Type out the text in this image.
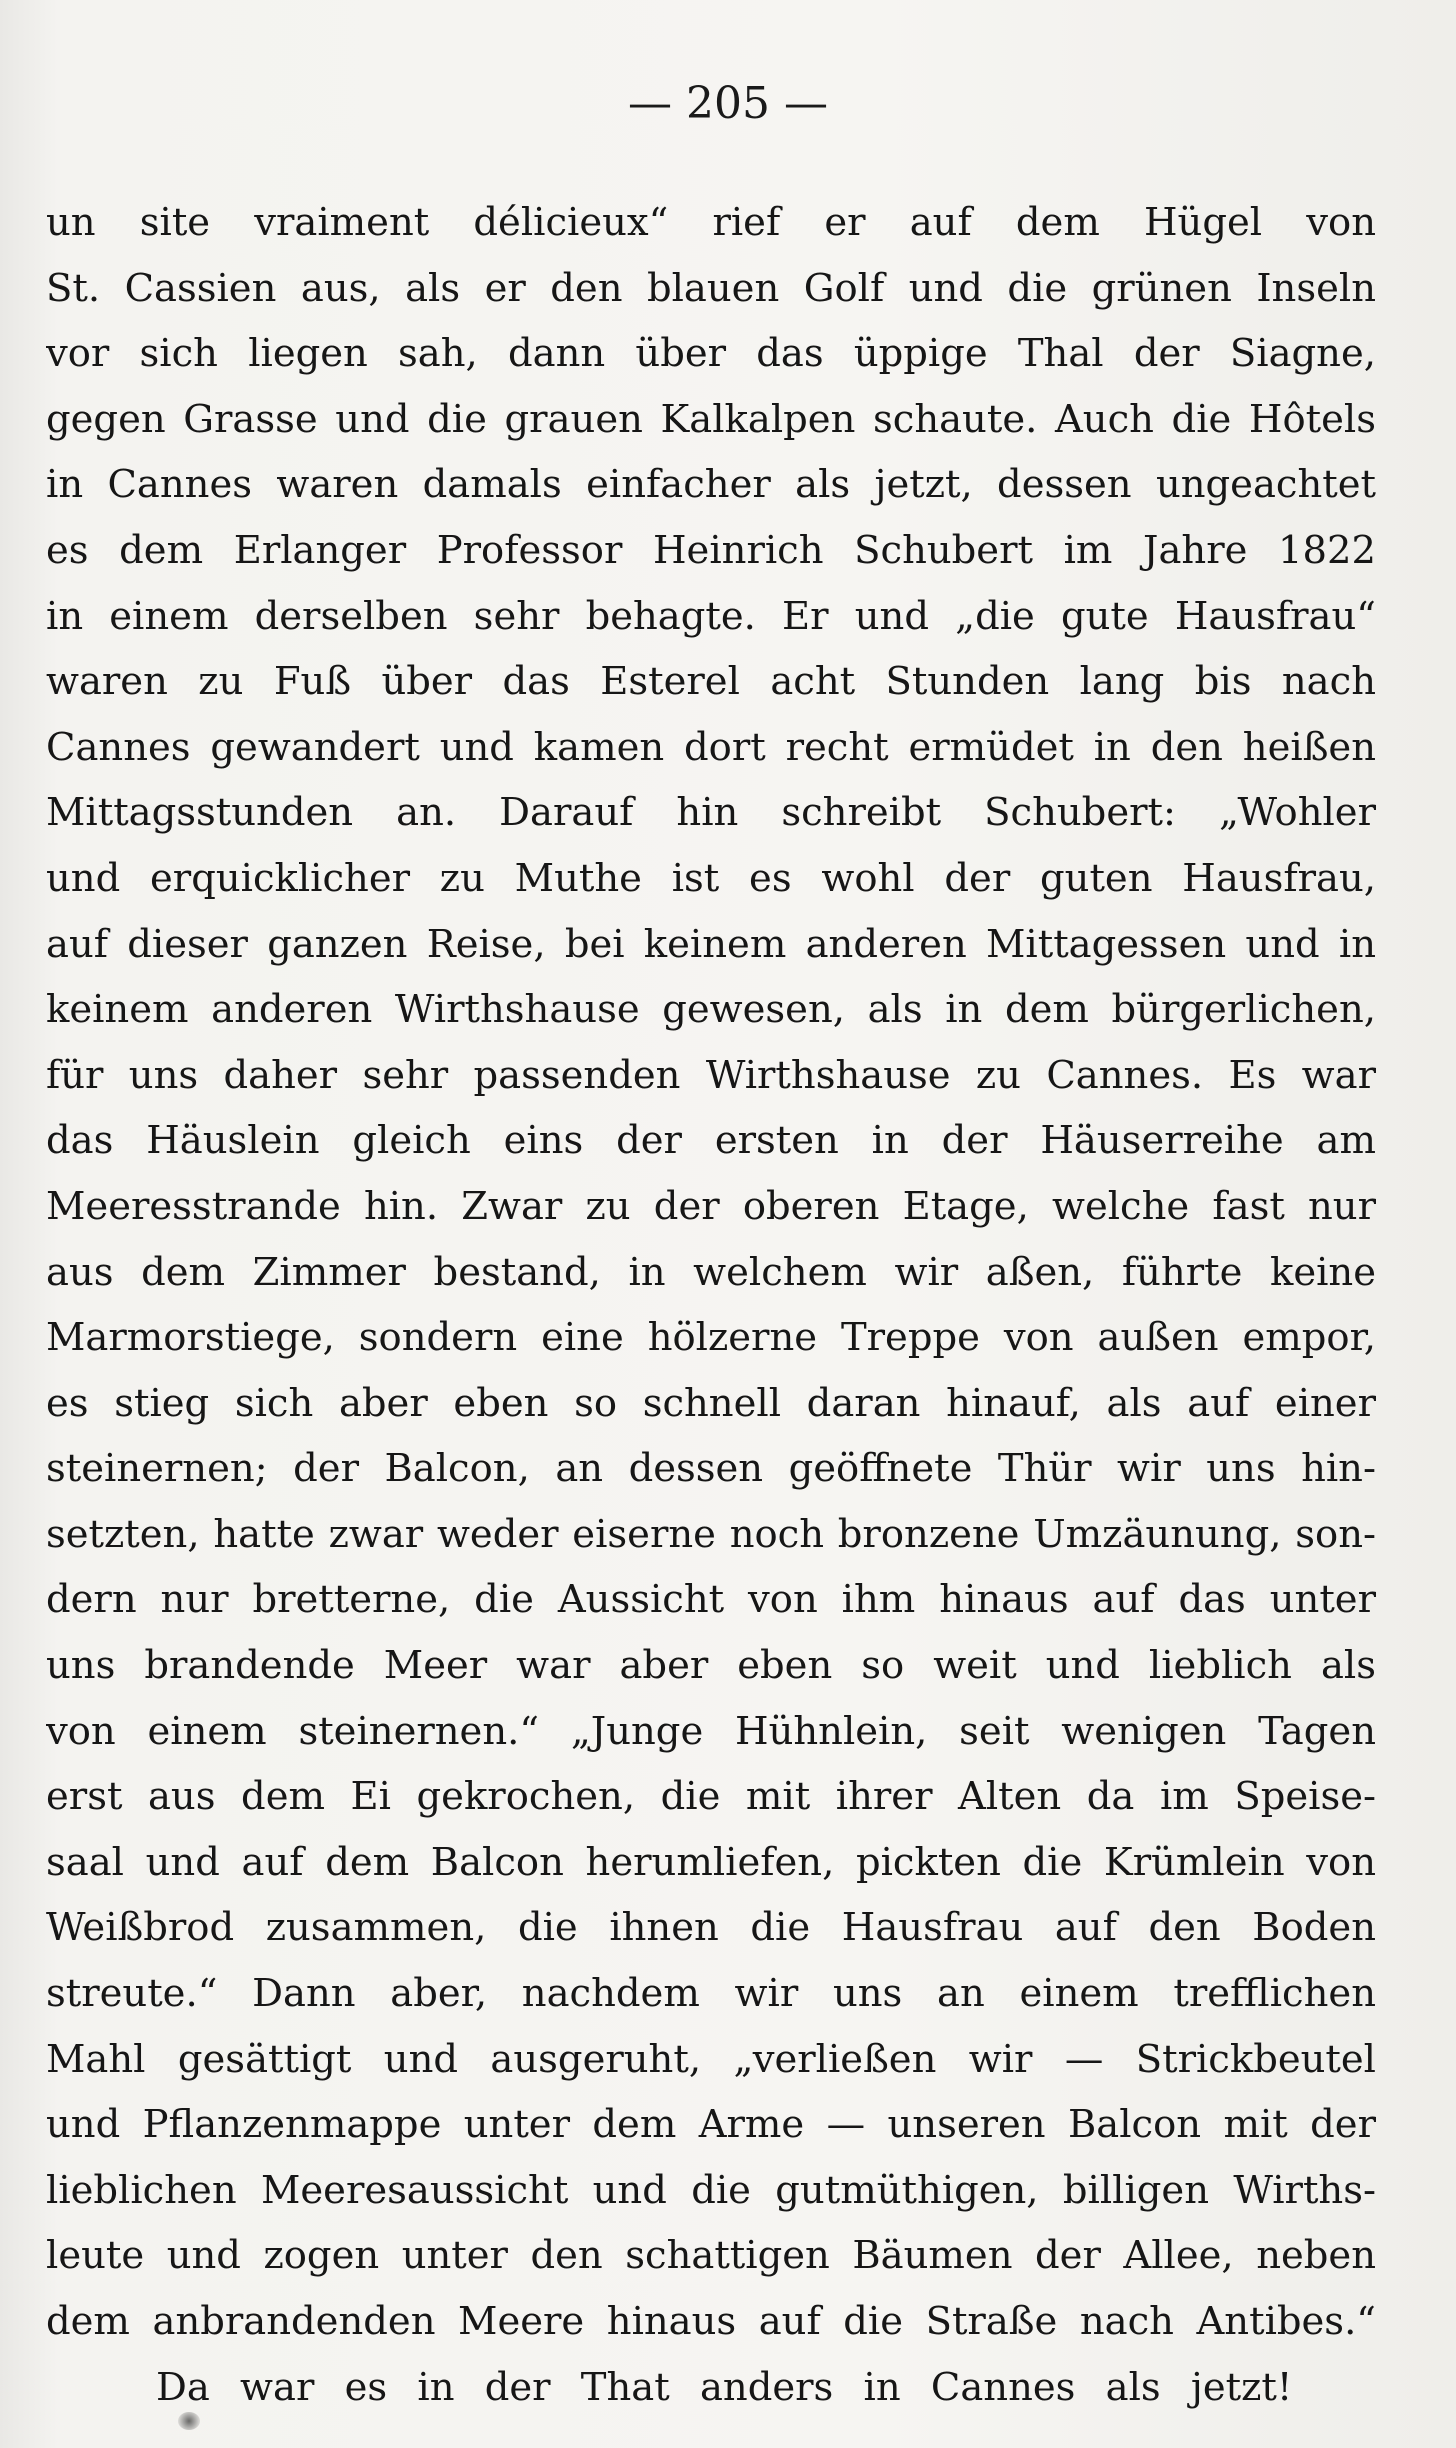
— 205 —
un site vraiment délicieux“ rief er auf dem Hügel von
St. Cassien aus, als er den blauen Golf und die grünen Inseln
vor sich liegen sah, dann über das üppige Thal der Siagne,
gegen Grasse und die grauen Kalkalpen schaute. Auch die Hôtels
in Cannes waren damals einfacher als jetzt, dessen ungeachtet
es dem Erlanger Professor Heinrich Schubert im Jahre 1822
in einem derselben sehr behagte. Er und „die gute Hausfrau“
waren zu Fuß über das Esterel acht Stunden lang bis nach
Cannes gewandert und kamen dort recht ermüdet in den heißen
Mittagsstunden an. Darauf hin schreibt Schubert: „Wohler
und erquicklicher zu Muthe ist es wohl der guten Hausfrau,
auf dieser ganzen Reise, bei keinem anderen Mittagessen und in
keinem anderen Wirthshause gewesen, als in dem bürgerlichen,
für uns daher sehr passenden Wirthshause zu Cannes. Es war
das Häuslein gleich eins der ersten in der Häuserreihe am
Meeresstrande hin. Zwar zu der oberen Etage, welche fast nur
aus dem Zimmer bestand, in welchem wir aßen, führte keine
Marmorstiege, sondern eine hölzerne Treppe von außen empor,
es stieg sich aber eben so schnell daran hinauf, als auf einer
steinernen; der Balcon, an dessen geöffnete Thür wir uns hin-
setzten, hatte zwar weder eiserne noch bronzene Umzäunung, son-
dern nur bretterne, die Aussicht von ihm hinaus auf das unter
uns brandende Meer war aber eben so weit und lieblich als
von einem steinernen.“ „Junge Hühnlein, seit wenigen Tagen
erst aus dem Ei gekrochen, die mit ihrer Alten da im Speise-
saal und auf dem Balcon herumliefen, pickten die Krümlein von
Weißbrod zusammen, die ihnen die Hausfrau auf den Boden
streute.“ Dann aber, nachdem wir uns an einem trefflichen
Mahl gesättigt und ausgeruht, „verließen wir — Strickbeutel
und Pflanzenmappe unter dem Arme — unseren Balcon mit der
lieblichen Meeresaussicht und die gutmüthigen, billigen Wirths-
leute und zogen unter den schattigen Bäumen der Allee, neben
dem anbrandenden Meere hinaus auf die Straße nach Antibes.“
Da war es in der That anders in Cannes als jetzt!
